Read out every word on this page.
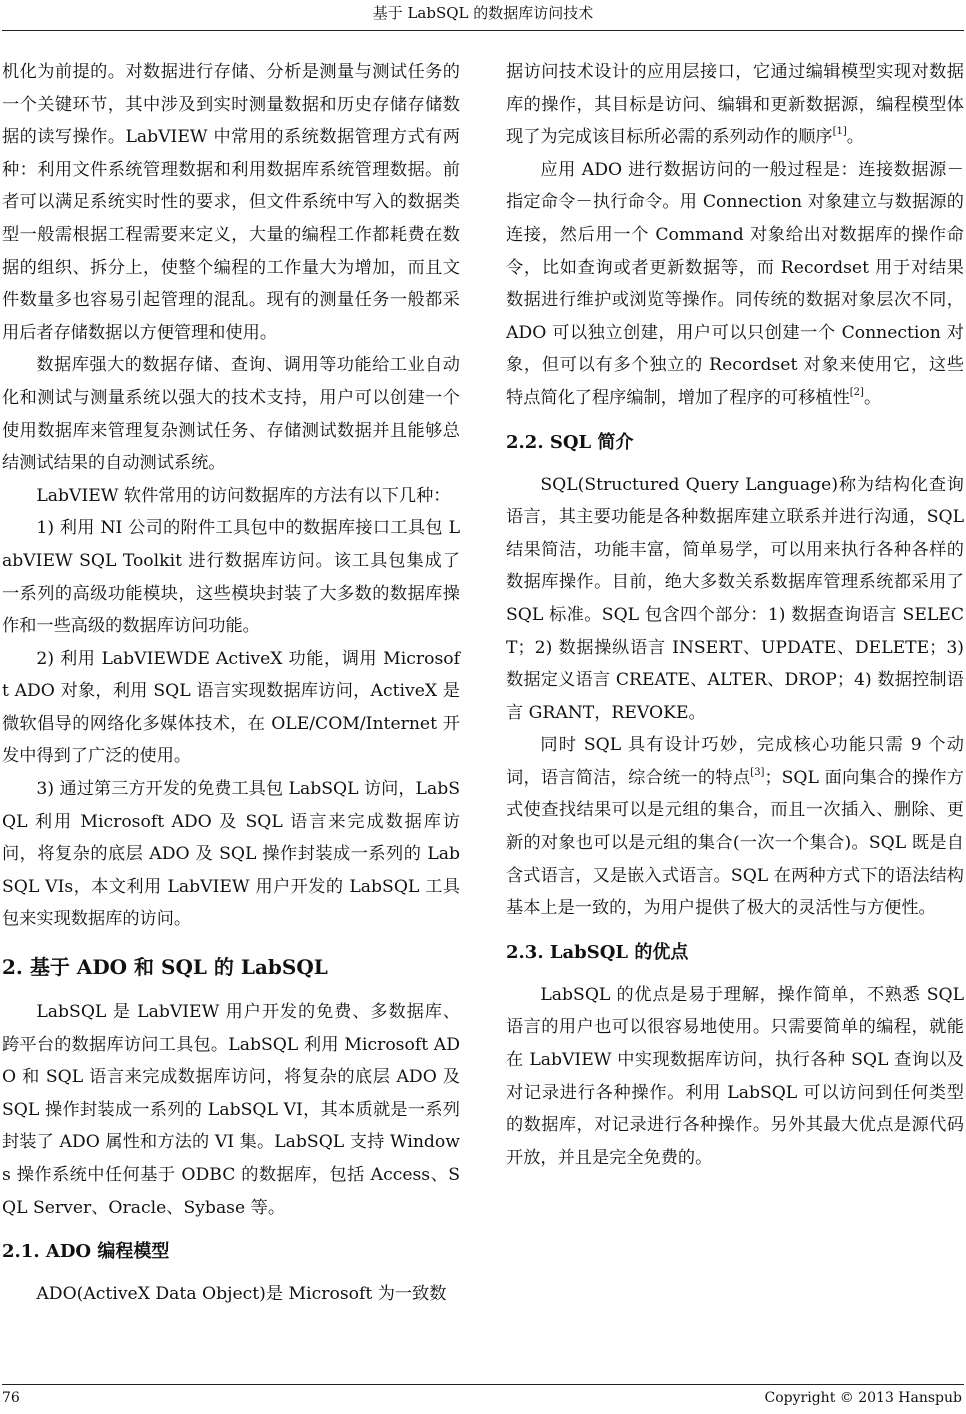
基于 LabSQL 的数据库访问技术

机化为前提的。对数据进行存储、分析是测量与测试任务的一个关键环节，其中涉及到实时测量数据和历史存储存储数据的读写操作。LabVIEW 中常用的系统数据管理方式有两种：利用文件系统管理数据和利用数据库系统管理数据。前者可以满足系统实时性的要求，但文件系统中写入的数据类型一般需根据工程需要来定义，大量的编程工作都耗费在数据的组织、拆分上，使整个编程的工作量大为增加，而且文件数量多也容易引起管理的混乱。现有的测量任务一般都采用后者存储数据以方便管理和使用。

数据库强大的数据存储、查询、调用等功能给工业自动化和测试与测量系统以强大的技术支持，用户可以创建一个使用数据库来管理复杂测试任务、存储测试数据并且能够总结测试结果的自动测试系统。

LabVIEW 软件常用的访问数据库的方法有以下几种：

1) 利用 NI 公司的附件工具包中的数据库接口工具包 LabVIEW SQL Toolkit 进行数据库访问。该工具包集成了一系列的高级功能模块，这些模块封装了大多数的数据库操作和一些高级的数据库访问功能。

2) 利用 LabVIEWDE ActiveX 功能，调用 Microsoft ADO 对象，利用 SQL 语言实现数据库访问，ActiveX 是微软倡导的网络化多媒体技术，在 OLE/COM/Internet 开发中得到了广泛的使用。

3) 通过第三方开发的免费工具包 LabSQL 访问，LabSQL 利用 Microsoft ADO 及 SQL 语言来完成数据库访问，将复杂的底层 ADO 及 SQL 操作封装成一系列的 LabSQL VIs，本文利用 LabVIEW 用户开发的 LabSQL 工具包来实现数据库的访问。

2. 基于 ADO 和 SQL 的 LabSQL

LabSQL 是 LabVIEW 用户开发的免费、多数据库、跨平台的数据库访问工具包。LabSQL 利用 Microsoft ADO 和 SQL 语言来完成数据库访问，将复杂的底层 ADO 及 SQL 操作封装成一系列的 LabSQL VI，其本质就是一系列封装了 ADO 属性和方法的 VI 集。LabSQL 支持 Windows 操作系统中任何基于 ODBC 的数据库，包括 Access、SQL Server、Oracle、Sybase 等。

2.1. ADO 编程模型

ADO(ActiveX Data Object)是 Microsoft 为一致数

据访问技术设计的应用层接口，它通过编辑模型实现对数据库的操作，其目标是访问、编辑和更新数据源，编程模型体现了为完成该目标所必需的系列动作的顺序[1]。

应用 ADO 进行数据访问的一般过程是：连接数据源－指定命令－执行命令。用 Connection 对象建立与数据源的连接，然后用一个 Command 对象给出对数据库的操作命令，比如查询或者更新数据等，而 Recordset 用于对结果数据进行维护或浏览等操作。同传统的数据对象层次不同，ADO 可以独立创建，用户可以只创建一个 Connection 对象，但可以有多个独立的 Recordset 对象来使用它，这些特点简化了程序编制，增加了程序的可移植性[2]。

2.2. SQL 简介

SQL(Structured Query Language)称为结构化查询语言，其主要功能是各种数据库建立联系并进行沟通，SQL 结果简洁，功能丰富，简单易学，可以用来执行各种各样的数据库操作。目前，绝大多数关系数据库管理系统都采用了 SQL 标准。SQL 包含四个部分：1) 数据查询语言 SELECT；2) 数据操纵语言 INSERT、UPDATE、DELETE；3) 数据定义语言 CREATE、ALTER、DROP；4) 数据控制语言 GRANT，REVOKE。

同时 SQL 具有设计巧妙，完成核心功能只需 9 个动词，语言简洁，综合统一的特点[3]；SQL 面向集合的操作方式使查找结果可以是元组的集合，而且一次插入、删除、更新的对象也可以是元组的集合(一次一个集合)。SQL 既是自含式语言，又是嵌入式语言。SQL 在两种方式下的语法结构基本上是一致的，为用户提供了极大的灵活性与方便性。

2.3. LabSQL 的优点

LabSQL 的优点是易于理解，操作简单，不熟悉 SQL 语言的用户也可以很容易地使用。只需要简单的编程，就能在 LabVIEW 中实现数据库访问，执行各种 SQL 查询以及对记录进行各种操作。利用 LabSQL 可以访问到任何类型的数据库，对记录进行各种操作。另外其最大优点是源代码开放，并且是完全免费的。

76	Copyright © 2013 Hanspub
